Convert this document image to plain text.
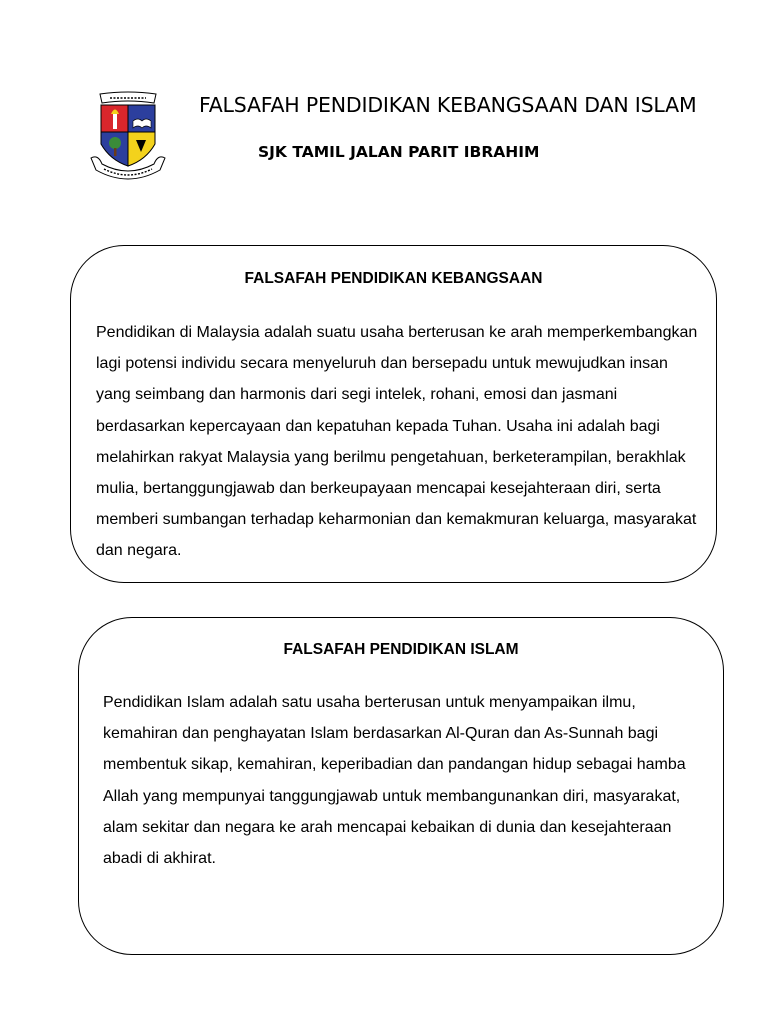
FALSAFAH PENDIDIKAN KEBANGSAAN DAN ISLAM
SJK TAMIL JALAN PARIT IBRAHIM
FALSAFAH PENDIDIKAN KEBANGSAAN

Pendidikan di Malaysia adalah suatu usaha berterusan ke arah memperkembangkan lagi potensi individu secara menyeluruh dan bersepadu untuk mewujudkan insan yang seimbang dan harmonis dari segi intelek, rohani, emosi dan jasmani berdasarkan kepercayaan dan kepatuhan kepada Tuhan. Usaha ini adalah bagi melahirkan rakyat Malaysia yang berilmu pengetahuan, berketerampilan, berakhlak mulia, bertanggungjawab dan berkeupayaan mencapai kesejahteraan diri, serta memberi sumbangan terhadap keharmonian dan kemakmuran keluarga, masyarakat dan negara.

FALSAFAH PENDIDIKAN ISLAM

Pendidikan Islam adalah satu usaha berterusan untuk menyampaikan ilmu, kemahiran dan penghayatan Islam berdasarkan Al-Quran dan As-Sunnah bagi membentuk sikap, kemahiran, keperibadian dan pandangan hidup sebagai hamba Allah yang mempunyai tanggungjawab untuk membangunankan diri, masyarakat, alam sekitar dan negara ke arah mencapai kebaikan di dunia dan kesejahteraan abadi di akhirat.
